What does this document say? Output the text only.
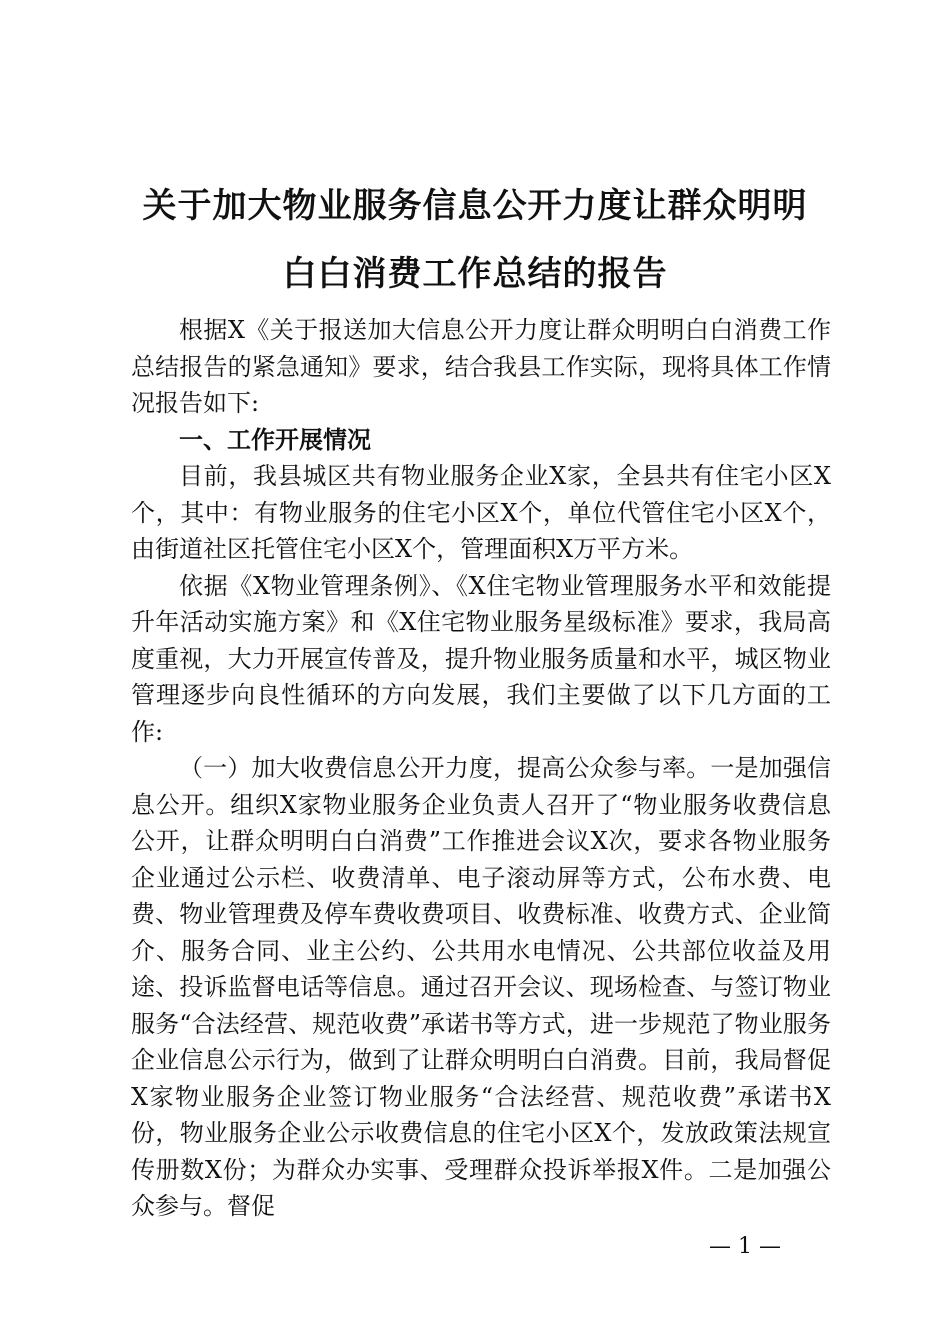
关于加大物业服务信息公开力度让群众明明
白白消费工作总结的报告

根据X《关于报送加大信息公开力度让群众明明白白消费工作总结报告的紧急通知》要求，结合我县工作实际，现将具体工作情况报告如下:

一、工作开展情况

目前，我县城区共有物业服务企业X家，全县共有住宅小区X个，其中：有物业服务的住宅小区X个，单位代管住宅小区X个，由街道社区托管住宅小区X个，管理面积X万平方米。

依据《X物业管理条例》、《X住宅物业管理服务水平和效能提升年活动实施方案》和《X住宅物业服务星级标准》要求，我局高度重视，大力开展宣传普及，提升物业服务质量和水平，城区物业管理逐步向良性循环的方向发展，我们主要做了以下几方面的工作:

（一）加大收费信息公开力度，提高公众参与率。一是加强信息公开。组织X家物业服务企业负责人召开了“物业服务收费信息公开，让群众明明白白消费”工作推进会议X次，要求各物业服务企业通过公示栏、收费清单、电子滚动屏等方式，公布水费、电费、物业管理费及停车费收费项目、收费标准、收费方式、企业简介、服务合同、业主公约、公共用水电情况、公共部位收益及用途、投诉监督电话等信息。通过召开会议、现场检查、与签订物业服务“合法经营、规范收费”承诺书等方式，进一步规范了物业服务企业信息公示行为，做到了让群众明明白白消费。目前，我局督促X家物业服务企业签订物业服务“合法经营、规范收费”承诺书X份，物业服务企业公示收费信息的住宅小区X个，发放政策法规宣传册数X份；为群众办实事、受理群众投诉举报X件。二是加强公众参与。督促

— 1 —
